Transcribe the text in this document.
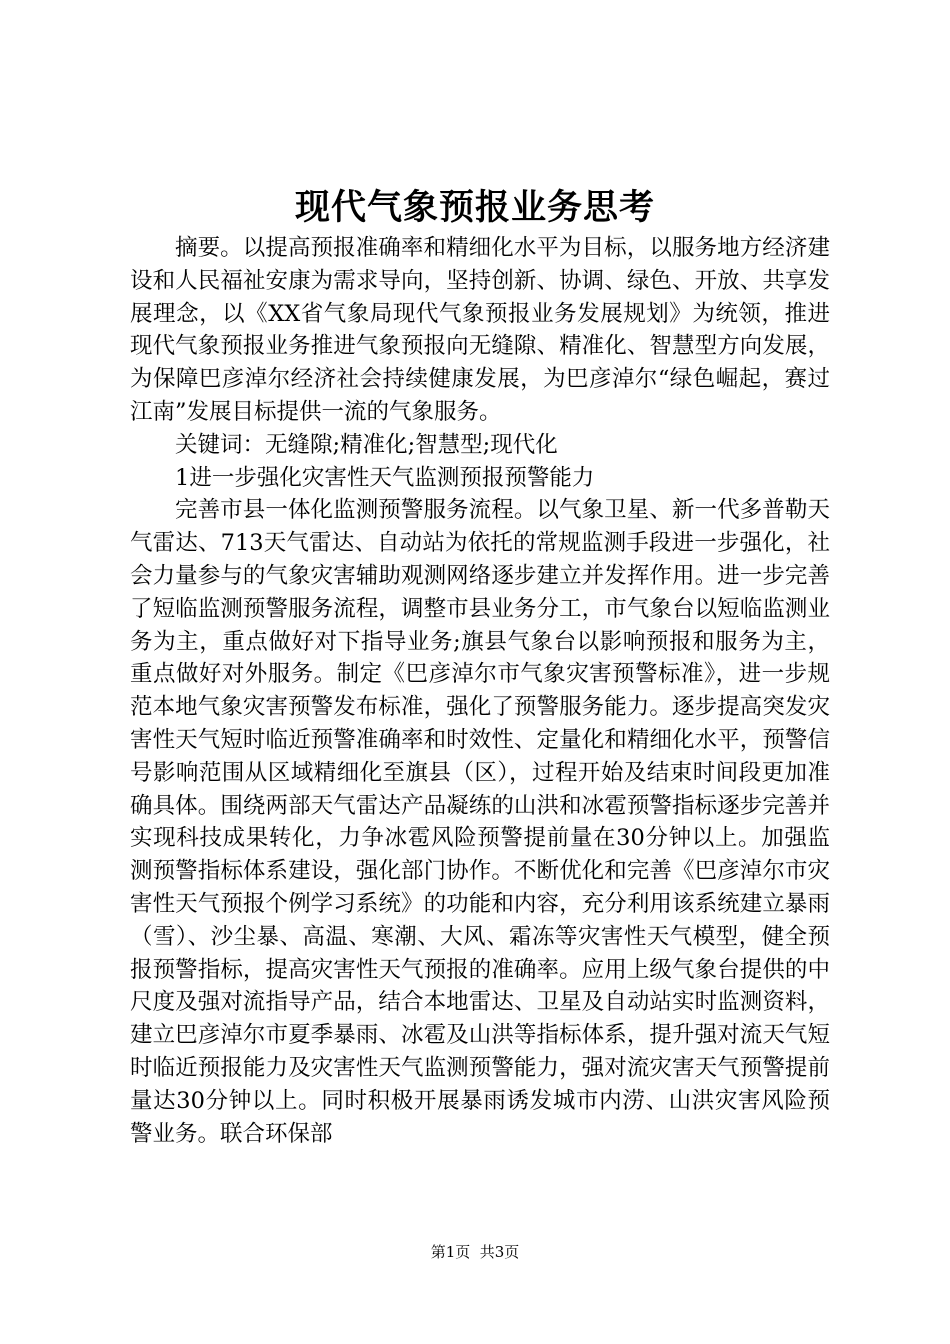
现代气象预报业务思考

摘要。以提高预报准确率和精细化水平为目标，以服务地方经济建设和人民福祉安康为需求导向，坚持创新、协调、绿色、开放、共享发展理念，以《XX省气象局现代气象预报业务发展规划》为统领，推进现代气象预报业务推进气象预报向无缝隙、精准化、智慧型方向发展，为保障巴彦淖尔经济社会持续健康发展，为巴彦淖尔“绿色崛起，赛过江南”发展目标提供一流的气象服务。

关键词：无缝隙;精准化;智慧型;现代化

1进一步强化灾害性天气监测预报预警能力

完善市县一体化监测预警服务流程。以气象卫星、新一代多普勒天气雷达、713天气雷达、自动站为依托的常规监测手段进一步强化，社会力量参与的气象灾害辅助观测网络逐步建立并发挥作用。进一步完善了短临监测预警服务流程，调整市县业务分工，市气象台以短临监测业务为主，重点做好对下指导业务;旗县气象台以影响预报和服务为主，重点做好对外服务。制定《巴彦淖尔市气象灾害预警标准》，进一步规范本地气象灾害预警发布标准，强化了预警服务能力。逐步提高突发灾害性天气短时临近预警准确率和时效性、定量化和精细化水平，预警信号影响范围从区域精细化至旗县（区），过程开始及结束时间段更加准确具体。围绕两部天气雷达产品凝练的山洪和冰雹预警指标逐步完善并实现科技成果转化，力争冰雹风险预警提前量在30分钟以上。加强监测预警指标体系建设，强化部门协作。不断优化和完善《巴彦淖尔市灾害性天气预报个例学习系统》的功能和内容，充分利用该系统建立暴雨（雪）、沙尘暴、高温、寒潮、大风、霜冻等灾害性天气模型，健全预报预警指标，提高灾害性天气预报的准确率。应用上级气象台提供的中尺度及强对流指导产品，结合本地雷达、卫星及自动站实时监测资料，建立巴彦淖尔市夏季暴雨、冰雹及山洪等指标体系，提升强对流天气短时临近预报能力及灾害性天气监测预警能力，强对流灾害天气预警提前量达30分钟以上。同时积极开展暴雨诱发城市内涝、山洪灾害风险预警业务。联合环保部

第1页  共3页
